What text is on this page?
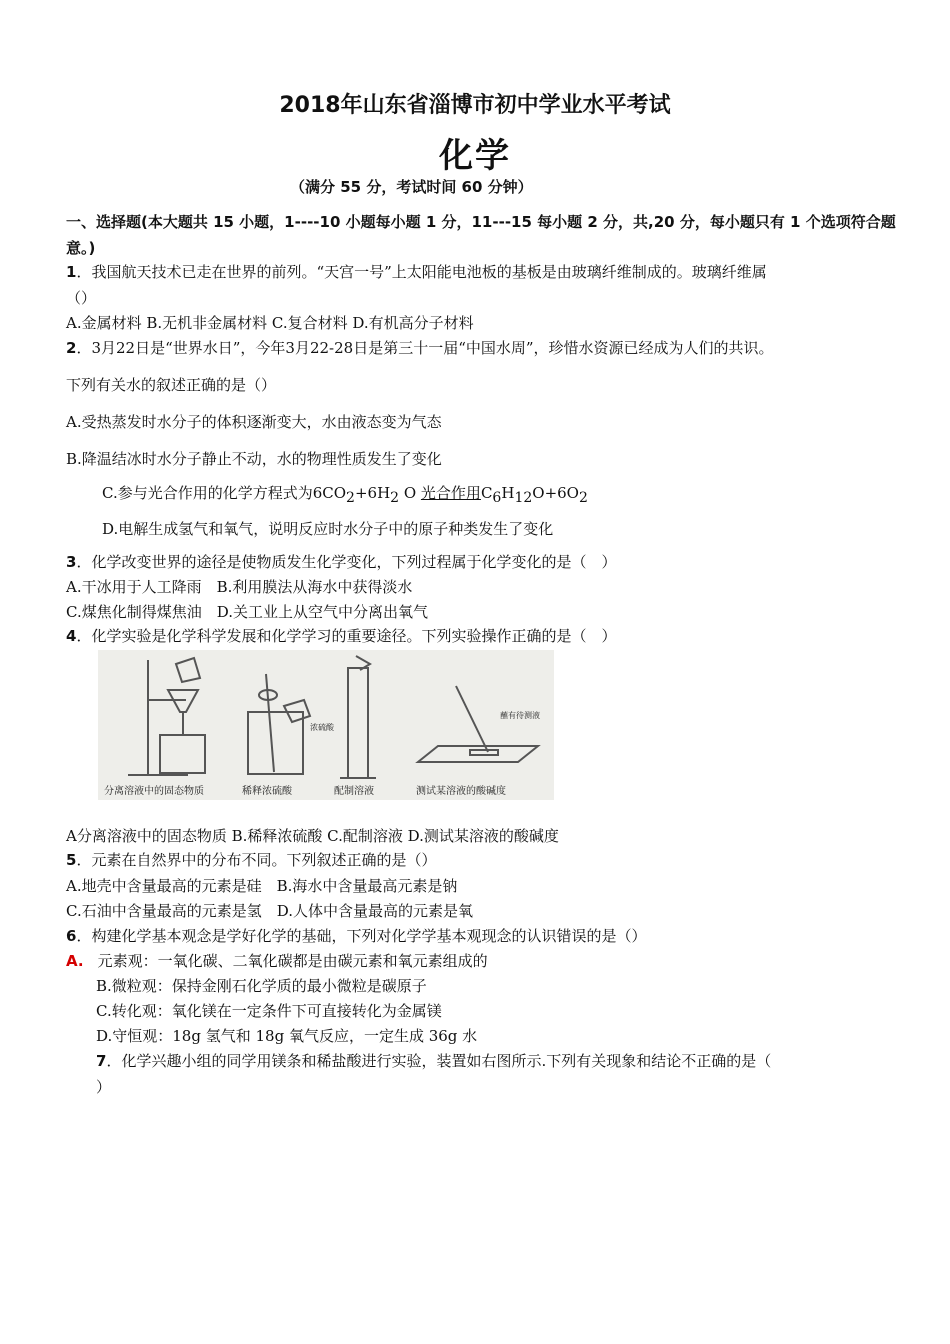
2018年山东省淄博市初中学业水平考试
化学
（满分 55 分，考试时间 60 分钟）
一、选择题(本大题共 15 小题，1----10 小题每小题 1 分，11---15 每小题 2 分，共,20 分，每小题只有 1 个选项符合题意。)
1．我国航天技术已走在世界的前列。“天宫一号”上太阳能电池板的基板是由玻璃纤维制成的。玻璃纤维属
（）
A.金属材料 B.无机非金属材料 C.复合材料 D.有机高分子材料
2．3月22日是“世界水日”，今年3月22-28日是第三十一届“中国水周”，珍惜水资源已经成为人们的共识。
下列有关水的叙述正确的是（）
A.受热蒸发时水分子的体积逐渐变大，水由液态变为气态
B.降温结冰时水分子静止不动，水的物理性质发生了变化
C.参与光合作用的化学方程式为$6CO_2+6H_2$ O 光合作用$C_6H_{12}O+6O_2$
D.电解生成氢气和氧气，说明反应时水分子中的原子种类发生了变化
3．化学改变世界的途径是使物质发生化学变化，下列过程属于化学变化的是（　）
A.干冰用于人工降雨　B.利用膜法从海水中获得淡水
C.煤焦化制得煤焦油　D.关工业上从空气中分离出氧气
4．化学实验是化学科学发展和化学学习的重要途径。下列实验操作正确的是（　）
分离溶液中的固态物质	稀释浓硫酸	配制溶液	测试某溶液的酸碱度
浓硫酸
蘸有待测液
A分离溶液中的固态物质 B.稀释浓硫酸 C.配制溶液 D.测试某溶液的酸碱度
5．元素在自然界中的分布不同。下列叙述正确的是（）
A.地壳中含量最高的元素是硅　B.海水中含量最高元素是钠
C.石油中含量最高的元素是氢　D.人体中含量最高的元素是氧
6．构建化学基本观念是学好化学的基础，下列对化学学基本观现念的认识错误的是（）
A. 元素观：一氧化碳、二氧化碳都是由碳元素和氧元素组成的
B.微粒观：保持金刚石化学质的最小微粒是碳原子
C.转化观：氧化镁在一定条件下可直接转化为金属镁
D.守恒观：18g 氢气和 18g 氧气反应，一定生成 36g 水
7．化学兴趣小组的同学用镁条和稀盐酸进行实验，装置如右图所示.下列有关现象和结论不正确的是（
）
